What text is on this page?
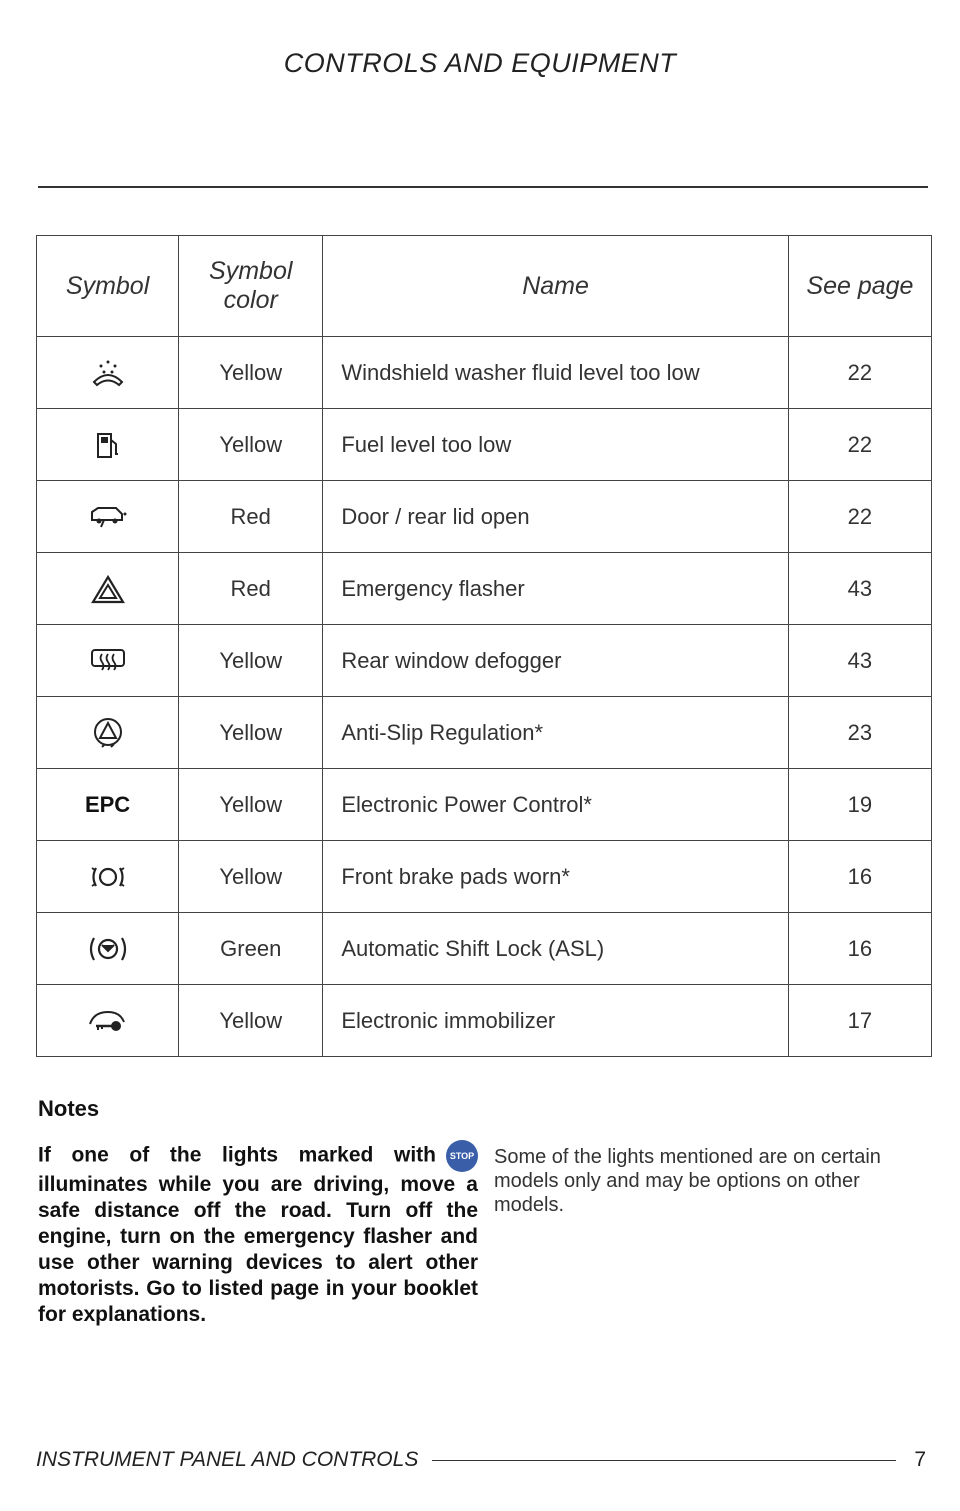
CONTROLS AND EQUIPMENT
Symbol	Symbol color	Name	See page
	Yellow	Windshield washer fluid level too low	22
	Yellow	Fuel level too low	22
	Red	Door / rear lid open	22
	Red	Emergency flasher	43
	Yellow	Rear window defogger	43
	Yellow	Anti-Slip Regulation*	23
EPC	Yellow	Electronic Power Control*	19
	Yellow	Front brake pads worn*	16
	Green	Automatic Shift Lock (ASL)	16
	Yellow	Electronic immobilizer	17
Notes
If one of the lights marked with STOP illuminates while you are driving, move a safe distance off the road. Turn off the engine, turn on the emergency flasher and use other warning devices to alert other motorists. Go to listed page in your booklet for explanations.
Some of the lights mentioned are on certain models only and may be options on other models.
INSTRUMENT PANEL AND CONTROLS	7
